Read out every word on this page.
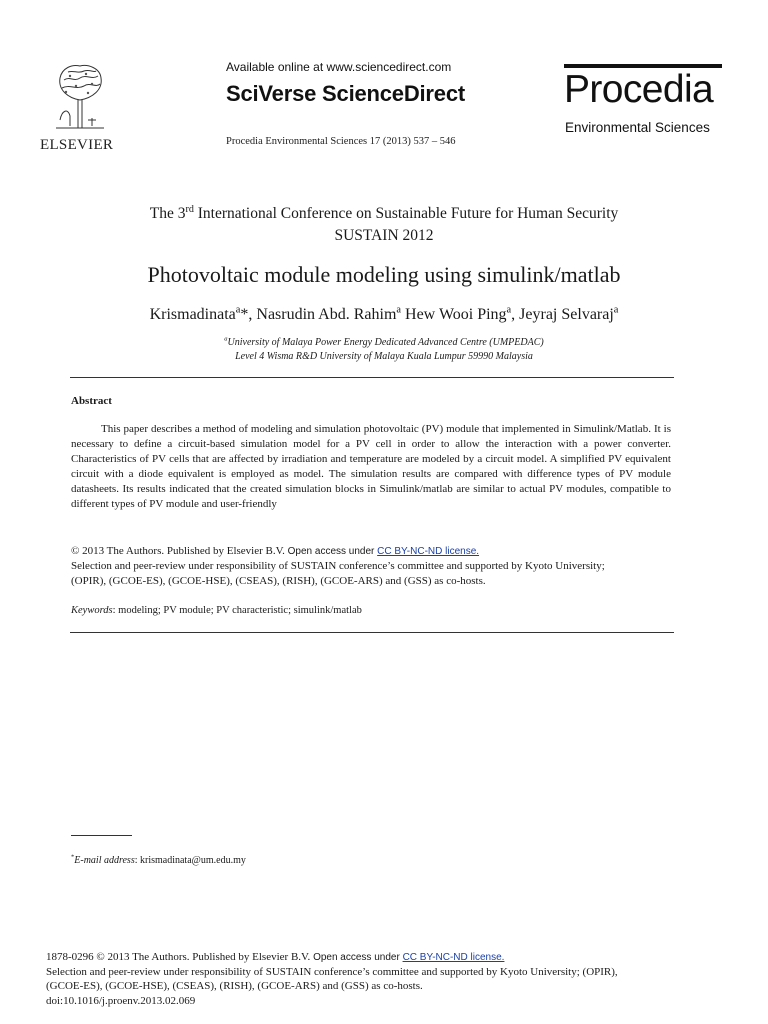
ELSEVIER
Available online at www.sciencedirect.com
SciVerse ScienceDirect
Procedia Environmental Sciences 17 (2013) 537 – 546
Procedia
Environmental Sciences
The 3rd International Conference on Sustainable Future for Human Security
SUSTAIN 2012
Photovoltaic module modeling using simulink/matlab
Krismadinata$^a$*, Nasrudin Abd. Rahim$^a$ Hew Wooi Ping$^a$, Jeyraj Selvaraj$^a$
$^a$University of Malaya Power Energy Dedicated Advanced Centre (UMPEDAC)
Level 4 Wisma R&D University of Malaya Kuala Lumpur 59990 Malaysia
Abstract

This paper describes a method of modeling and simulation photovoltaic (PV) module that implemented in Simulink/Matlab. It is necessary to define a circuit-based simulation model for a PV cell in order to allow the interaction with a power converter. Characteristics of PV cells that are affected by irradiation and temperature are modeled by a circuit model. A simplified PV equivalent circuit with a diode equivalent is employed as model. The simulation results are compared with difference types of PV module datasheets. Its results indicated that the created simulation blocks in Simulink/matlab are similar to actual PV modules, compatible to different types of PV module and user-friendly

© 2013 The Authors. Published by Elsevier B.V. Open access under CC BY-NC-ND license.
Selection and peer-review under responsibility of SUSTAIN conference’s committee and supported by Kyoto University;
(OPIR), (GCOE-ES), (GCOE-HSE), (CSEAS), (RISH), (GCOE-ARS) and (GSS) as co-hosts.
Keywords: modeling; PV module; PV characteristic; simulink/matlab
*E-mail address: krismadinata@um.edu.my
1878-0296 © 2013 The Authors. Published by Elsevier B.V. Open access under CC BY-NC-ND license.
Selection and peer-review under responsibility of SUSTAIN conference’s committee and supported by Kyoto University; (OPIR),
(GCOE-ES), (GCOE-HSE), (CSEAS), (RISH), (GCOE-ARS) and (GSS) as co-hosts.
doi:10.1016/j.proenv.2013.02.069
